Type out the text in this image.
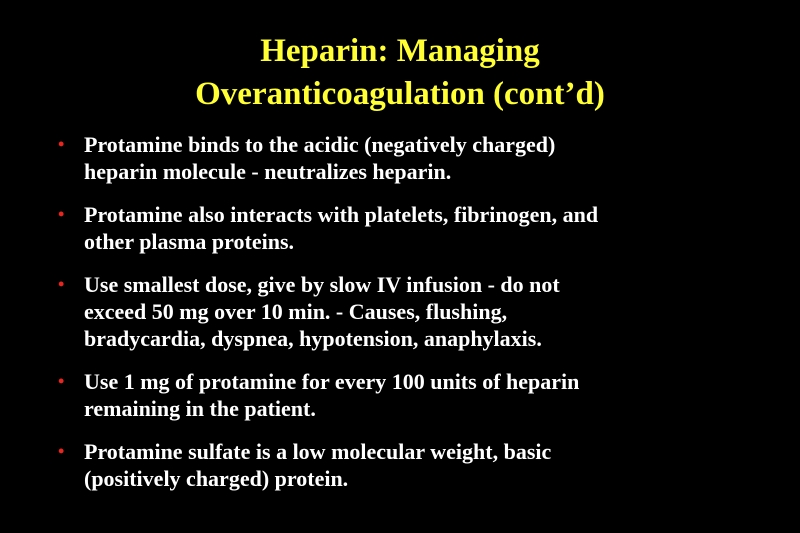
Heparin: Managing
Overanticoagulation (cont’d)
• Protamine binds to the acidic (negatively charged)
heparin molecule - neutralizes heparin.
• Protamine also interacts with platelets, fibrinogen, and
other plasma proteins.
• Use smallest dose, give by slow IV infusion - do not
exceed 50 mg over 10 min. - Causes, flushing,
bradycardia, dyspnea, hypotension, anaphylaxis.
• Use 1 mg of protamine for every 100 units of heparin
remaining in the patient.
• Protamine sulfate is a low molecular weight, basic
(positively charged) protein.
